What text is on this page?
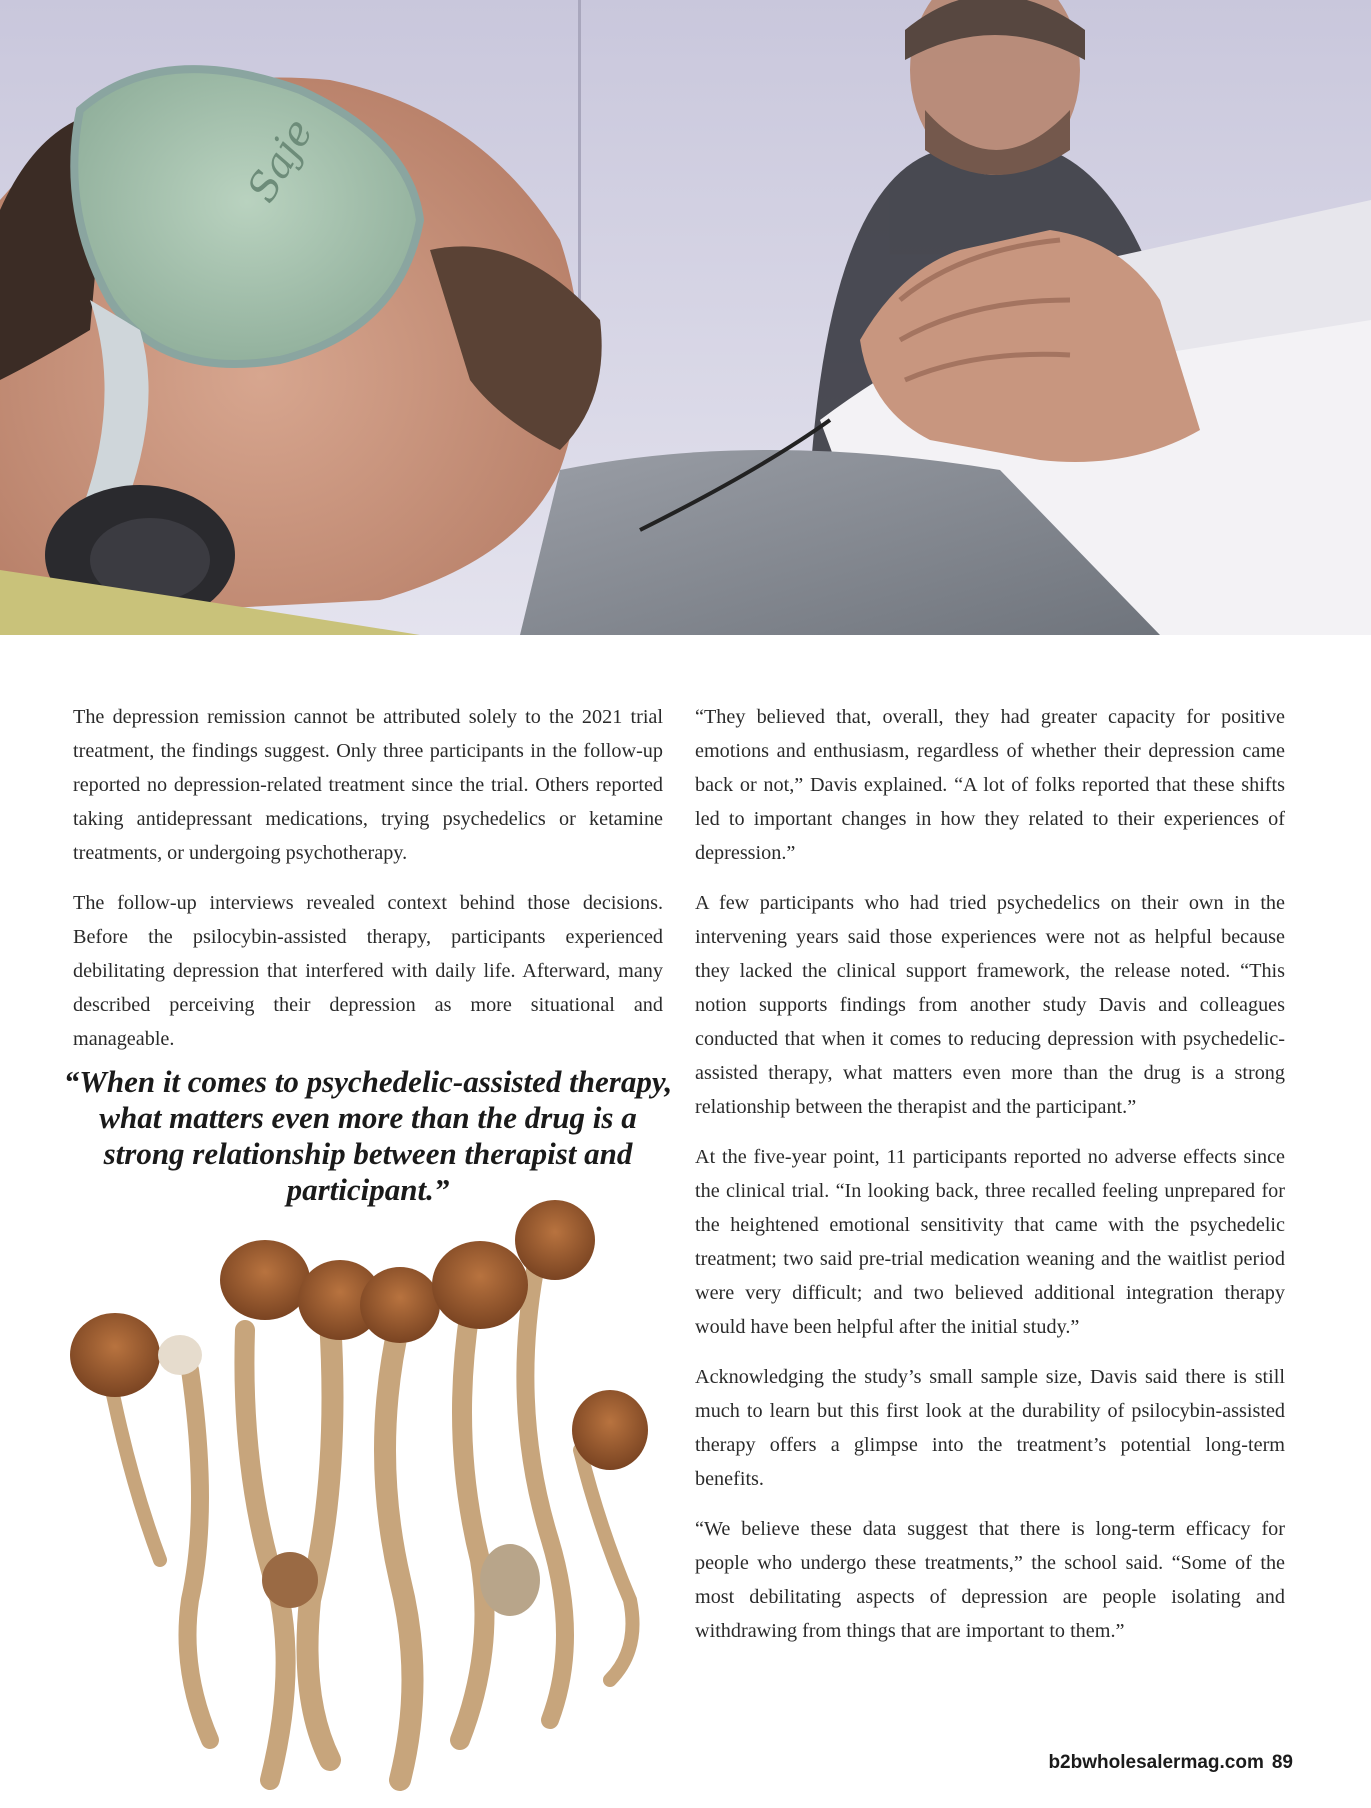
Saje

The depression remission cannot be attributed solely to the 2021 trial treatment, the findings suggest. Only three participants in the follow-up reported no depression-related treatment since the trial. Others reported taking antidepressant medications, trying psychedelics or ketamine treatments, or undergoing psychotherapy.

The follow-up interviews revealed context behind those decisions. Before the psilocybin-assisted therapy, participants experienced debilitating depression that interfered with daily life. Afterward, many described perceiving their depression as more situational and manageable.

“When it comes to psychedelic-assisted therapy, what matters even more than the drug is a strong relationship between therapist and participant.”

“They believed that, overall, they had greater capacity for positive emotions and enthusiasm, regardless of whether their depression came back or not,” Davis explained. “A lot of folks reported that these shifts led to important changes in how they related to their experiences of depression.”

A few participants who had tried psychedelics on their own in the intervening years said those experiences were not as helpful because they lacked the clinical support framework, the release noted. “This notion supports findings from another study Davis and colleagues conducted that when it comes to reducing depression with psychedelic-assisted therapy, what matters even more than the drug is a strong relationship between the therapist and the participant.”

At the five-year point, 11 participants reported no adverse effects since the clinical trial. “In looking back, three recalled feeling unprepared for the heightened emotional sensitivity that came with the psychedelic treatment; two said pre-trial medication weaning and the waitlist period were very difficult; and two believed additional integration therapy would have been helpful after the initial study.”

Acknowledging the study’s small sample size, Davis said there is still much to learn but this first look at the durability of psilocybin-assisted therapy offers a glimpse into the treatment’s potential long-term benefits.

“We believe these data suggest that there is long-term efficacy for people who undergo these treatments,” the school said. “Some of the most debilitating aspects of depression are people isolating and withdrawing from things that are important to them.”

b2bwholesalermag.com 89
